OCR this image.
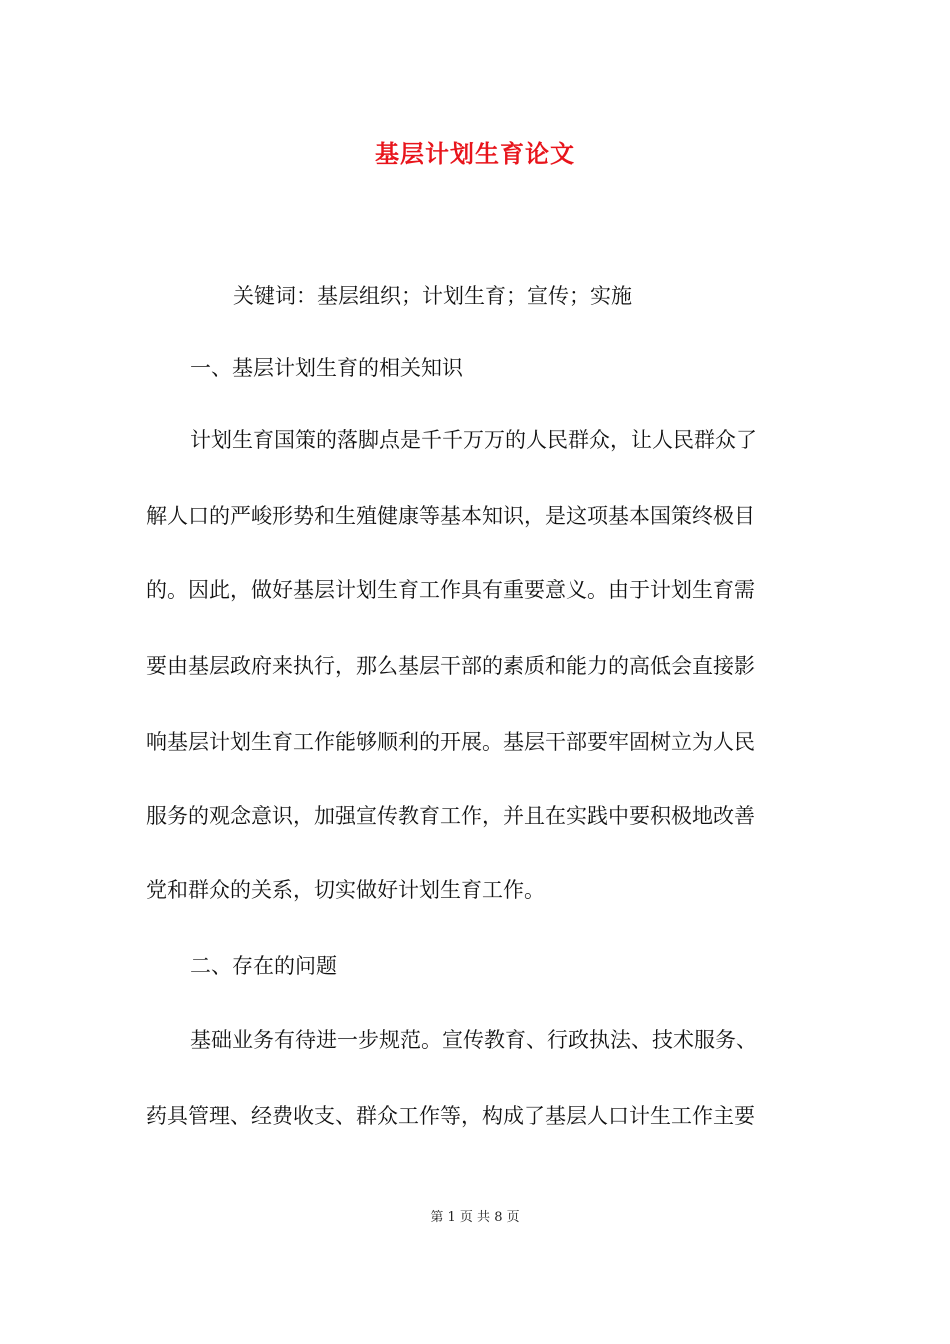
基层计划生育论文
关键词：基层组织；计划生育；宣传；实施
一、基层计划生育的相关知识
计划生育国策的落脚点是千千万万的人民群众，让人民群众了
解人口的严峻形势和生殖健康等基本知识，是这项基本国策终极目
的。因此，做好基层计划生育工作具有重要意义。由于计划生育需
要由基层政府来执行，那么基层干部的素质和能力的高低会直接影
响基层计划生育工作能够顺利的开展。基层干部要牢固树立为人民
服务的观念意识，加强宣传教育工作，并且在实践中要积极地改善
党和群众的关系，切实做好计划生育工作。
二、存在的问题
基础业务有待进一步规范。宣传教育、行政执法、技术服务、
药具管理、经费收支、群众工作等，构成了基层人口计生工作主要
第 1 页 共 8 页
